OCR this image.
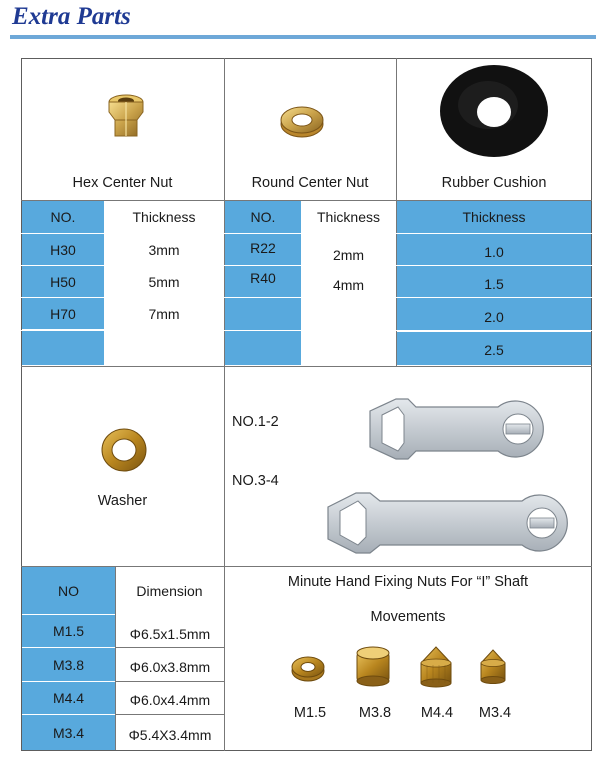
Extra Parts
Hex Center Nut	Round Center Nut	Rubber Cushion
NO.	Thickness
H30	3mm
H50	5mm
H70	7mm
NO.	Thickness
R22	2mm
R40	4mm
Thickness
1.0
1.5
2.0
2.5
Washer
NO.1-2
NO.3-4
NO	Dimension
M1.5	Φ6.5x1.5mm
M3.8	Φ6.0x3.8mm
M4.4	Φ6.0x4.4mm
M3.4	Φ5.4X3.4mm
Minute Hand Fixing Nuts For “I” Shaft
Movements
M1.5	M3.8	M4.4	M3.4
